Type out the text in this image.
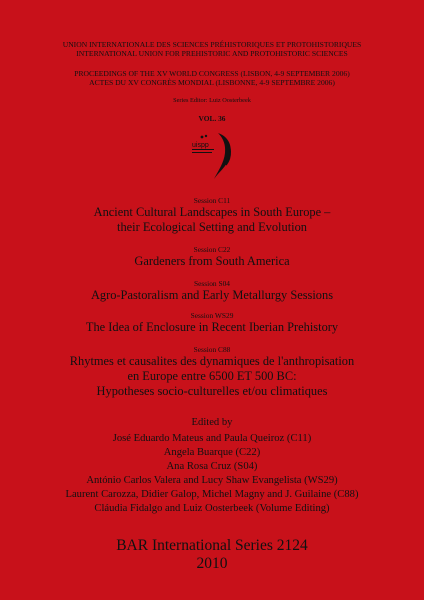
UNION INTERNATIONALE DES SCIENCES PRÉHISTORIQUES ET PROTOHISTORIQUES
INTERNATIONAL UNION FOR PREHISTORIC AND PROTOHISTORIC SCIENCES
PROCEEDINGS OF THE XV WORLD CONGRESS (LISBON, 4-9 SEPTEMBER 2006)
ACTES DU XV CONGRÈS MONDIAL (LISBONNE, 4-9 SEPTEMBRE 2006)
Series Editor: Luiz Oosterbeek
VOL. 36
uispp
Session C11
Ancient Cultural Landscapes in South Europe –
their Ecological Setting and Evolution
Session C22
Gardeners from South America
Session S04
Agro-Pastoralism and Early Metallurgy Sessions
Session WS29
The Idea of Enclosure in Recent Iberian Prehistory
Session C88
Rhytmes et causalites des dynamiques de l'anthropisation
en Europe entre 6500 ET 500 BC:
Hypotheses socio-culturelles et/ou climatiques
Edited by
José Eduardo Mateus and Paula Queiroz (C11)
Angela Buarque (C22)
Ana Rosa Cruz (S04)
António Carlos Valera and Lucy Shaw Evangelista (WS29)
Laurent Carozza, Didier Galop, Michel Magny and J. Guilaine (C88)
Cláudia Fidalgo and Luiz Oosterbeek (Volume Editing)
BAR International Series 2124
2010
